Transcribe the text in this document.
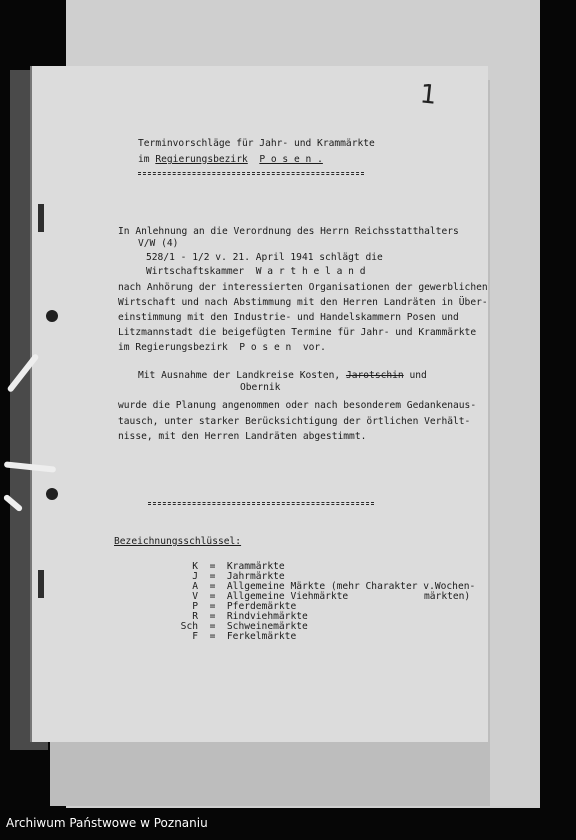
1
Terminvorschläge für Jahr- und Krammärkte
im Regierungsbezirk P o s e n .
In Anlehnung an die Verordnung des Herrn Reichsstatthalters
V/W (4)
528/1 - 1/2 v. 21. April 1941 schlägt die
Wirtschaftskammer  W a r t h e l a n d
nach Anhörung der interessierten Organisationen der gewerblichen
Wirtschaft und nach Abstimmung mit den Herren Landräten in Über-
einstimmung mit den Industrie- und Handelskammern Posen und
Litzmannstadt die beigefügten Termine für Jahr- und Krammärkte
im Regierungsbezirk  P o s e n  vor.
Mit Ausnahme der Landkreise Kosten, Jarotschin und
Obernik
wurde die Planung angenommen oder nach besonderem Gedankenaus-
tausch, unter starker Berücksichtigung der örtlichen Verhält-
nisse, mit den Herren Landräten abgestimmt.
Bezeichnungsschlüssel:
K = Krammärkte
J = Jahrmärkte
A = Allgemeine Märkte (mehr Charakter v.Wochen-
V = Allgemeine Viehmärkte	märkten)
P = Pferdemärkte
R = Rindviehmärkte
Sch = Schweinemärkte
F = Ferkelmärkte
Archiwum Państwowe w Poznaniu
